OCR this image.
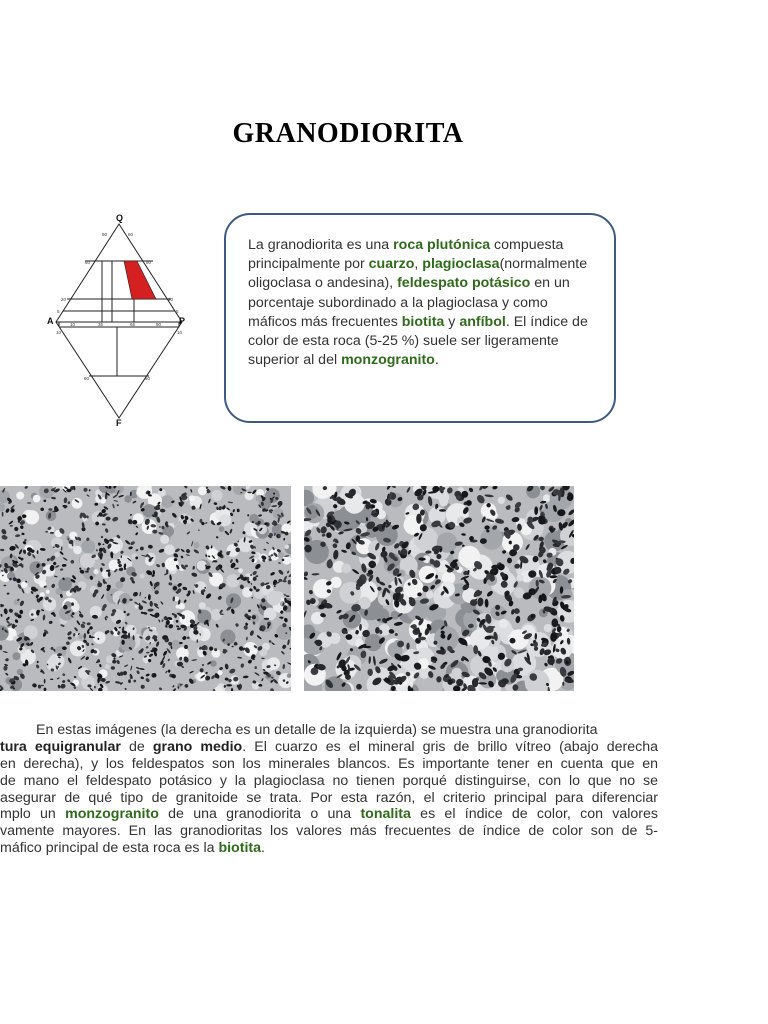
GRANODIORITA
Q
A	P
F
90	60
60	90
20	20
5	5
10	35	65	90
10	10
60	60
La granodiorita es una roca plutónica compuesta principalmente por cuarzo, plagioclasa(normalmente oligoclasa o andesina), feldespato potásico en un porcentaje subordinado a la plagioclasa y como máficos más frecuentes biotita y anfíbol. El índice de color de esta roca (5-25 %) suele ser ligeramente superior al del monzogranito.
En estas imágenes (la derecha es un detalle de la izquierda) se muestra una granodiorita
tura equigranular de grano medio. El cuarzo es el mineral gris de brillo vítreo (abajo derecha
en derecha), y los feldespatos son los minerales blancos. Es importante tener en cuenta que en
de mano el feldespato potásico y la plagioclasa no tienen porqué distinguirse, con lo que no se
asegurar de qué tipo de granitoide se trata. Por esta razón, el criterio principal para diferenciar
mplo un monzogranito de una granodiorita o una tonalita es el índice de color, con valores
vamente mayores. En las granodioritas los valores más frecuentes de índice de color son de 5-
máfico principal de esta roca es la biotita.
